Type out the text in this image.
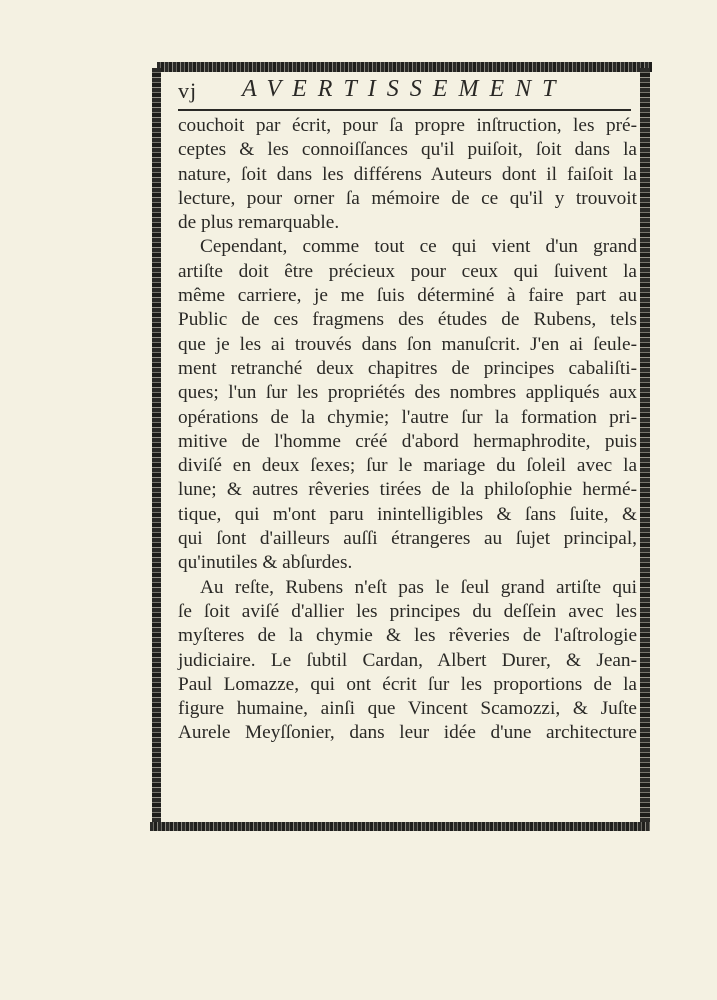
vj AVERTISSEMENT
couchoit par écrit, pour ſa propre inſtruction, les pré-
ceptes & les connoiſſances qu'il puiſoit, ſoit dans la
nature, ſoit dans les différens Auteurs dont il faiſoit la
lecture, pour orner ſa mémoire de ce qu'il y trouvoit
de plus remarquable.
Cependant, comme tout ce qui vient d'un grand
artiſte doit être précieux pour ceux qui ſuivent la
même carriere, je me ſuis déterminé à faire part au
Public de ces fragmens des études de Rubens, tels
que je les ai trouvés dans ſon manuſcrit. J'en ai ſeule-
ment retranché deux chapitres de principes cabaliſti-
ques; l'un ſur les propriétés des nombres appliqués aux
opérations de la chymie; l'autre ſur la formation pri-
mitive de l'homme créé d'abord hermaphrodite, puis
diviſé en deux ſexes; ſur le mariage du ſoleil avec la
lune; & autres rêveries tirées de la philoſophie hermé-
tique, qui m'ont paru inintelligibles & ſans ſuite, &
qui ſont d'ailleurs auſſi étrangeres au ſujet principal,
qu'inutiles & abſurdes.
Au reſte, Rubens n'eſt pas le ſeul grand artiſte qui
ſe ſoit aviſé d'allier les principes du deſſein avec les
myſteres de la chymie & les rêveries de l'aſtrologie
judiciaire. Le ſubtil Cardan, Albert Durer, & Jean-
Paul Lomazze, qui ont écrit ſur les proportions de la
figure humaine, ainſi que Vincent Scamozzi, & Juſte
Aurele Meyſſonier, dans leur idée d'une architecture
